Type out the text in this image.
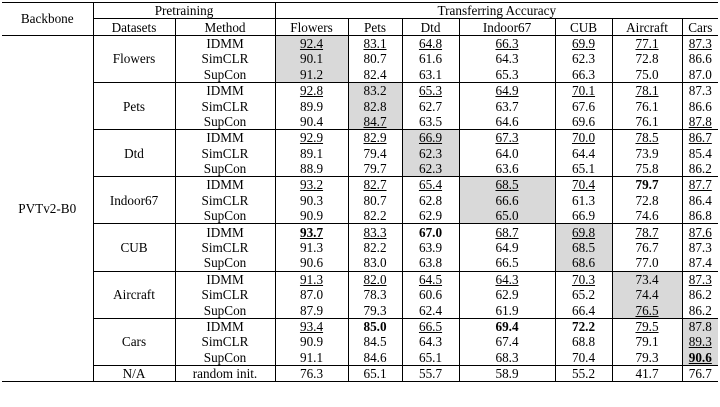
Backbone	Pretraining		Transferring Accuracy						
	Datasets	Method	Flowers	Pets	Dtd	Indoor67	CUB	Aircraft	Cars
PVTv2-B0	Flowers	IDMM	92.4	83.1	64.8	66.3	69.9	77.1	87.3
		SimCLR	90.1	80.7	61.6	64.3	62.3	72.8	86.6
		SupCon	91.2	82.4	63.1	65.3	66.3	75.0	87.0
	Pets	IDMM	92.8	83.2	65.3	64.9	70.1	78.1	87.3
		SimCLR	89.9	82.8	62.7	63.7	67.6	76.1	86.6
		SupCon	90.4	84.7	63.5	64.6	69.6	76.1	87.8
	Dtd	IDMM	92.9	82.9	66.9	67.3	70.0	78.5	86.7
		SimCLR	89.1	79.4	62.3	64.0	64.4	73.9	85.4
		SupCon	88.9	79.7	62.3	63.6	65.1	75.8	86.2
	Indoor67	IDMM	93.2	82.7	65.4	68.5	70.4	79.7	87.7
		SimCLR	90.3	80.7	62.8	66.6	61.3	72.8	86.4
		SupCon	90.9	82.2	62.9	65.0	66.9	74.6	86.8
	CUB	IDMM	93.7	83.3	67.0	68.7	69.8	78.7	87.6
		SimCLR	91.3	82.2	63.9	64.9	68.5	76.7	87.3
		SupCon	90.6	83.0	63.8	66.5	68.6	77.0	87.4
	Aircraft	IDMM	91.3	82.0	64.5	64.3	70.3	73.4	87.3
		SimCLR	87.0	78.3	60.6	62.9	65.2	74.4	86.2
		SupCon	87.9	79.3	62.4	61.9	66.4	76.5	86.2
	Cars	IDMM	93.4	85.0	66.5	69.4	72.2	79.5	87.8
		SimCLR	90.9	84.5	64.3	67.4	68.8	79.1	89.3
		SupCon	91.1	84.6	65.1	68.3	70.4	79.3	90.6
	N/A	random init.	76.3	65.1	55.7	58.9	55.2	41.7	76.7
